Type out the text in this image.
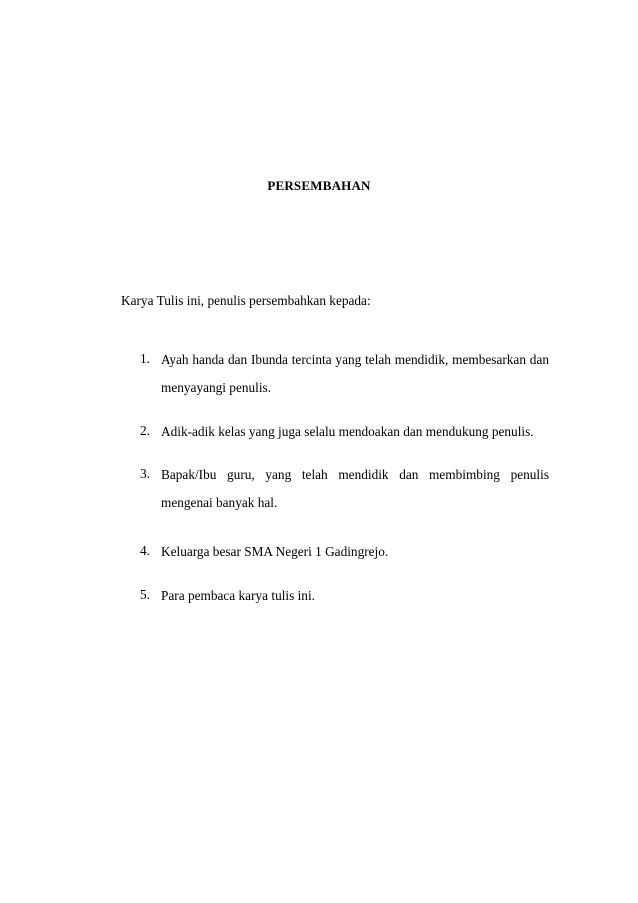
PERSEMBAHAN
Karya Tulis ini, penulis persembahkan kepada:
1. Ayah handa dan Ibunda tercinta yang telah mendidik, membesarkan dan menyayangi penulis.
2. Adik-adik kelas yang juga selalu mendoakan dan mendukung penulis.
3. Bapak/Ibu guru, yang telah mendidik dan membimbing penulis mengenai banyak hal.
4. Keluarga besar SMA Negeri 1 Gadingrejo.
5. Para pembaca karya tulis ini.
